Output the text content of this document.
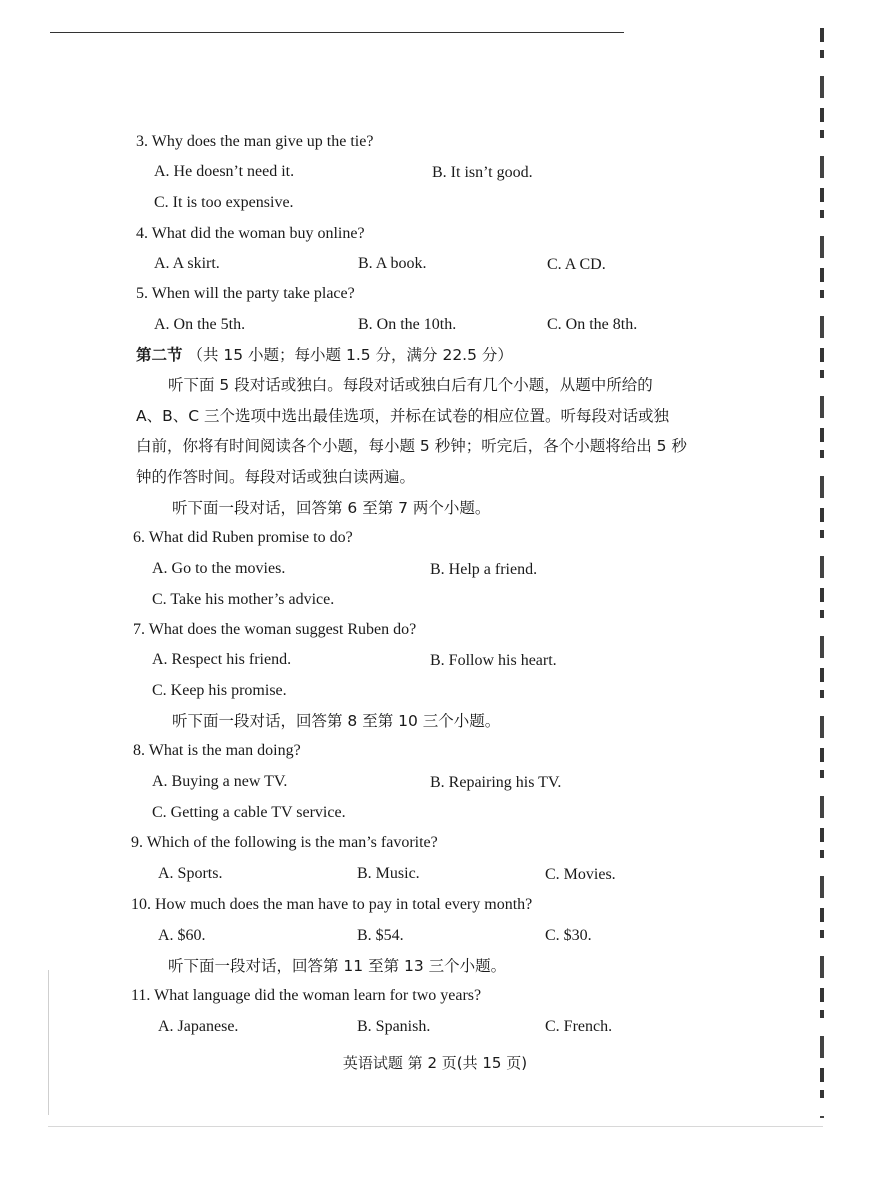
3. Why does the man give up the tie?
A. He doesn’t need it.	B. It isn’t good.
C. It is too expensive.
4. What did the woman buy online?
A. A skirt.	B. A book.	C. A CD.
5. When will the party take place?
A. On the 5th.	B. On the 10th.	C. On the 8th.
第二节 （共 15 小题；每小题 1.5 分，满分 22.5 分）
听下面 5 段对话或独白。每段对话或独白后有几个小题，从题中所给的
A、B、C 三个选项中选出最佳选项，并标在试卷的相应位置。听每段对话或独
白前，你将有时间阅读各个小题，每小题 5 秒钟；听完后，各个小题将给出 5 秒
钟的作答时间。每段对话或独白读两遍。
听下面一段对话，回答第 6 至第 7 两个小题。
6. What did Ruben promise to do?
A. Go to the movies.	B. Help a friend.
C. Take his mother’s advice.
7. What does the woman suggest Ruben do?
A. Respect his friend.	B. Follow his heart.
C. Keep his promise.
听下面一段对话，回答第 8 至第 10 三个小题。
8. What is the man doing?
A. Buying a new TV.	B. Repairing his TV.
C. Getting a cable TV service.
9. Which of the following is the man’s favorite?
A. Sports.	B. Music.	C. Movies.
10. How much does the man have to pay in total every month?
A. $60.	B. $54.	C. $30.
听下面一段对话，回答第 11 至第 13 三个小题。
11. What language did the woman learn for two years?
A. Japanese.	B. Spanish.	C. French.
英语试题 第 2 页(共 15 页)
